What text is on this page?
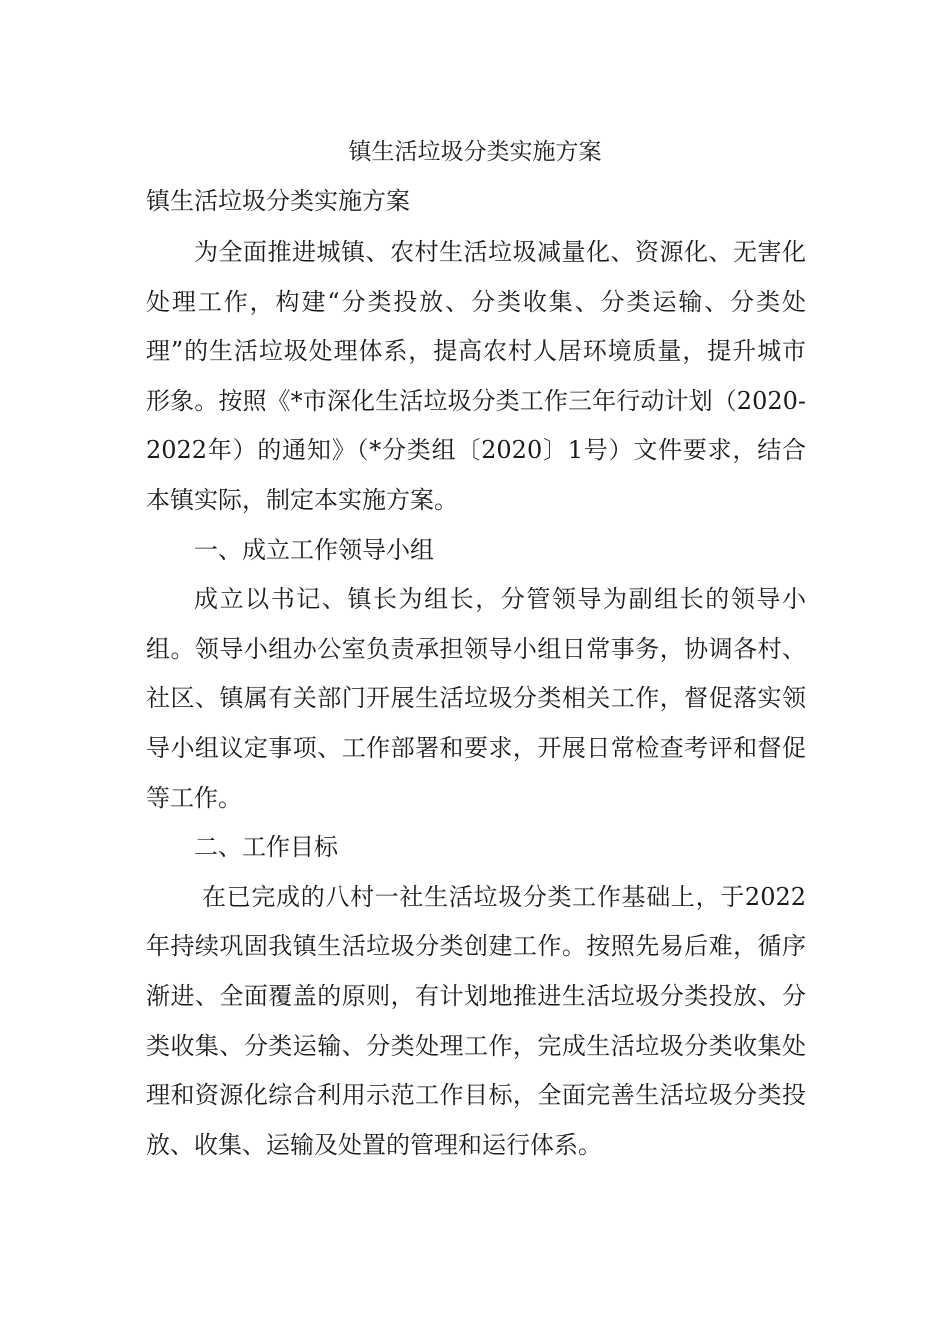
镇生活垃圾分类实施方案

镇生活垃圾分类实施方案

为全面推进城镇、农村生活垃圾减量化、资源化、无害化处理工作，构建“分类投放、分类收集、分类运输、分类处理”的生活垃圾处理体系，提高农村人居环境质量，提升城市形象。按照《*市深化生活垃圾分类工作三年行动计划（2020-2022年）的通知》（*分类组〔2020〕1号）文件要求，结合本镇实际，制定本实施方案。

一、成立工作领导小组

成立以书记、镇长为组长，分管领导为副组长的领导小组。领导小组办公室负责承担领导小组日常事务，协调各村、社区、镇属有关部门开展生活垃圾分类相关工作，督促落实领导小组议定事项、工作部署和要求，开展日常检查考评和督促等工作。

二、工作目标

在已完成的八村一社生活垃圾分类工作基础上，于2022年持续巩固我镇生活垃圾分类创建工作。按照先易后难，循序渐进、全面覆盖的原则，有计划地推进生活垃圾分类投放、分类收集、分类运输、分类处理工作，完成生活垃圾分类收集处理和资源化综合利用示范工作目标，全面完善生活垃圾分类投放、收集、运输及处置的管理和运行体系。
